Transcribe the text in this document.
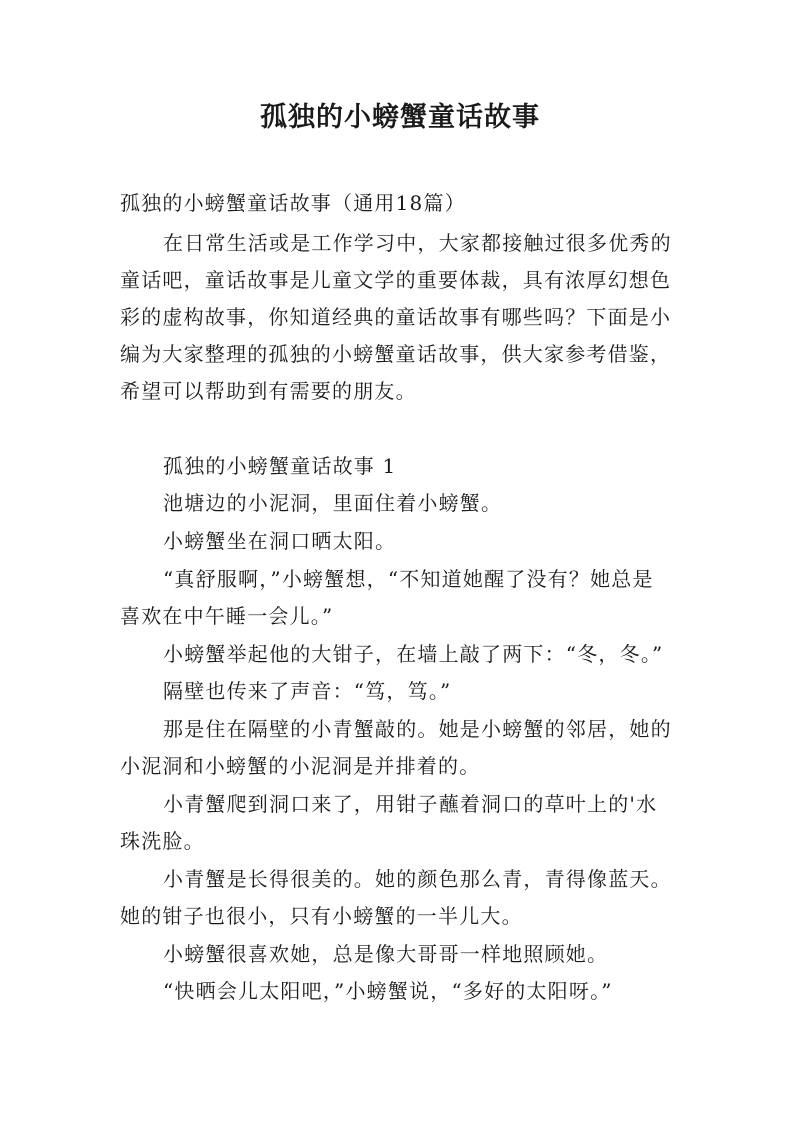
孤独的小螃蟹童话故事
孤独的小螃蟹童话故事（通用18篇）
在日常生活或是工作学习中，大家都接触过很多优秀的
童话吧，童话故事是儿童文学的重要体裁，具有浓厚幻想色
彩的虚构故事，你知道经典的童话故事有哪些吗？下面是小
编为大家整理的孤独的小螃蟹童话故事，供大家参考借鉴，
希望可以帮助到有需要的朋友。
孤独的小螃蟹童话故事 1
池塘边的小泥洞，里面住着小螃蟹。
小螃蟹坐在洞口晒太阳。
“真舒服啊，”小螃蟹想，“不知道她醒了没有？她总是
喜欢在中午睡一会儿。”
小螃蟹举起他的大钳子，在墙上敲了两下：“冬，冬。”
隔壁也传来了声音：“笃，笃。”
那是住在隔壁的小青蟹敲的。她是小螃蟹的邻居，她的
小泥洞和小螃蟹的小泥洞是并排着的。
小青蟹爬到洞口来了，用钳子蘸着洞口的草叶上的'水
珠洗脸。
小青蟹是长得很美的。她的颜色那么青，青得像蓝天。
她的钳子也很小，只有小螃蟹的一半儿大。
小螃蟹很喜欢她，总是像大哥哥一样地照顾她。
“快晒会儿太阳吧，”小螃蟹说，“多好的太阳呀。”
